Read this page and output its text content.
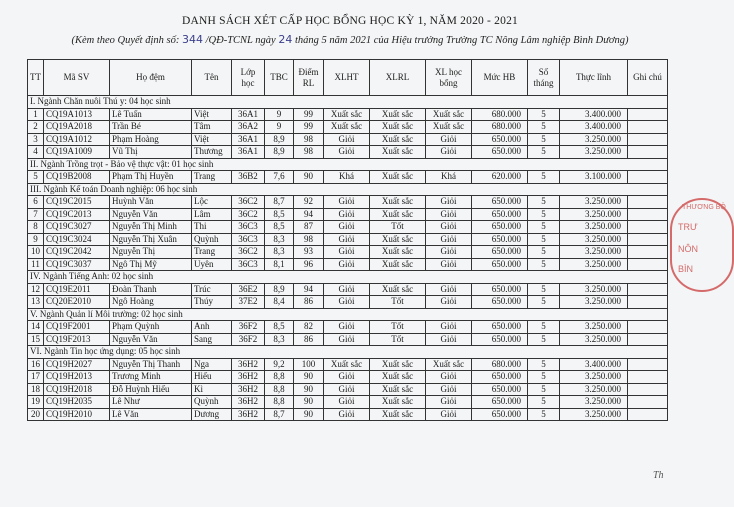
DANH SÁCH XÉT CẤP HỌC BỔNG HỌC KỲ 1, NĂM 2020 - 2021
(Kèm theo Quyết định số: 344 /QĐ-TCNL ngày 24 tháng 5 năm 2021 của Hiệu trưởng Trường TC Nông Lâm nghiệp Bình Dương)
TT	Mã SV	Họ đệm	Tên	Lớp học	TBC	Điểm RL	XLHT	XLRL	XL học bổng	Mức HB	Số tháng	Thực lĩnh	Ghi chú
I. Ngành Chăn nuôi Thú y: 04 học sinh													
1	CQ19A1013	Lê Tuấn	Việt	36A1	9	99	Xuất sắc	Xuất sắc	Xuất sắc	680.000	5	3.400.000	
2	CQ19A2018	Trần Bé	Tâm	36A2	9	99	Xuất sắc	Xuất sắc	Xuất sắc	680.000	5	3.400.000	
3	CQ19A1012	Phạm Hoàng	Việt	36A1	8,9	98	Giỏi	Xuất sắc	Giỏi	650.000	5	3.250.000	
4	CQ19A1009	Vũ Thị	Thương	36A1	8,9	98	Giỏi	Xuất sắc	Giỏi	650.000	5	3.250.000	
II. Ngành Trồng trọt - Bảo vệ thực vật: 01 học sinh													
5	CQ19B2008	Phạm Thị Huyền	Trang	36B2	7,6	90	Khá	Xuất sắc	Khá	620.000	5	3.100.000	
III. Ngành Kế toán Doanh nghiệp: 06 học sinh													
6	CQ19C2015	Huỳnh Văn	Lộc	36C2	8,7	92	Giỏi	Xuất sắc	Giỏi	650.000	5	3.250.000	
7	CQ19C2013	Nguyễn Văn	Lâm	36C2	8,5	94	Giỏi	Xuất sắc	Giỏi	650.000	5	3.250.000	
8	CQ19C3027	Nguyễn Thị Minh	Thi	36C3	8,5	87	Giỏi	Tốt	Giỏi	650.000	5	3.250.000	
9	CQ19C3024	Nguyễn Thị Xuân	Quỳnh	36C3	8,3	98	Giỏi	Xuất sắc	Giỏi	650.000	5	3.250.000	
10	CQ19C2042	Nguyễn Thị	Trang	36C2	8,3	93	Giỏi	Xuất sắc	Giỏi	650.000	5	3.250.000	
11	CQ19C3037	Ngô Thị Mỹ	Uyên	36C3	8,1	96	Giỏi	Xuất sắc	Giỏi	650.000	5	3.250.000	
IV. Ngành Tiếng Anh: 02 học sinh													
12	CQ19E2011	Đoàn Thanh	Trúc	36E2	8,9	94	Giỏi	Xuất sắc	Giỏi	650.000	5	3.250.000	
13	CQ20E2010	Ngô Hoàng	Thúy	37E2	8,4	86	Giỏi	Tốt	Giỏi	650.000	5	3.250.000	
V. Ngành Quản lí Môi trường: 02 học sinh													
14	CQ19F2001	Phạm Quỳnh	Anh	36F2	8,5	82	Giỏi	Tốt	Giỏi	650.000	5	3.250.000	
15	CQ19F2013	Nguyễn Văn	Sang	36F2	8,3	86	Giỏi	Tốt	Giỏi	650.000	5	3.250.000	
VI. Ngành Tin học ứng dụng: 05 học sinh													
16	CQ19H2027	Nguyễn Thị Thanh	Nga	36H2	9,2	100	Xuất sắc	Xuất sắc	Xuất sắc	680.000	5	3.400.000	
17	CQ19H2013	Trương Minh	Hiếu	36H2	8,8	90	Giỏi	Xuất sắc	Giỏi	650.000	5	3.250.000	
18	CQ19H2018	Đỗ Huỳnh Hiếu	Kì	36H2	8,8	90	Giỏi	Xuất sắc	Giỏi	650.000	5	3.250.000	
19	CQ19H2035	Lê Như	Quỳnh	36H2	8,8	90	Giỏi	Xuất sắc	Giỏi	650.000	5	3.250.000	
20	CQ19H2010	Lê Văn	Dương	36H2	8,7	90	Giỏi	Xuất sắc	Giỏi	650.000	5	3.250.000	
THƯƠNG BỘ
TRƯ
NÔN
BÌN
Th
